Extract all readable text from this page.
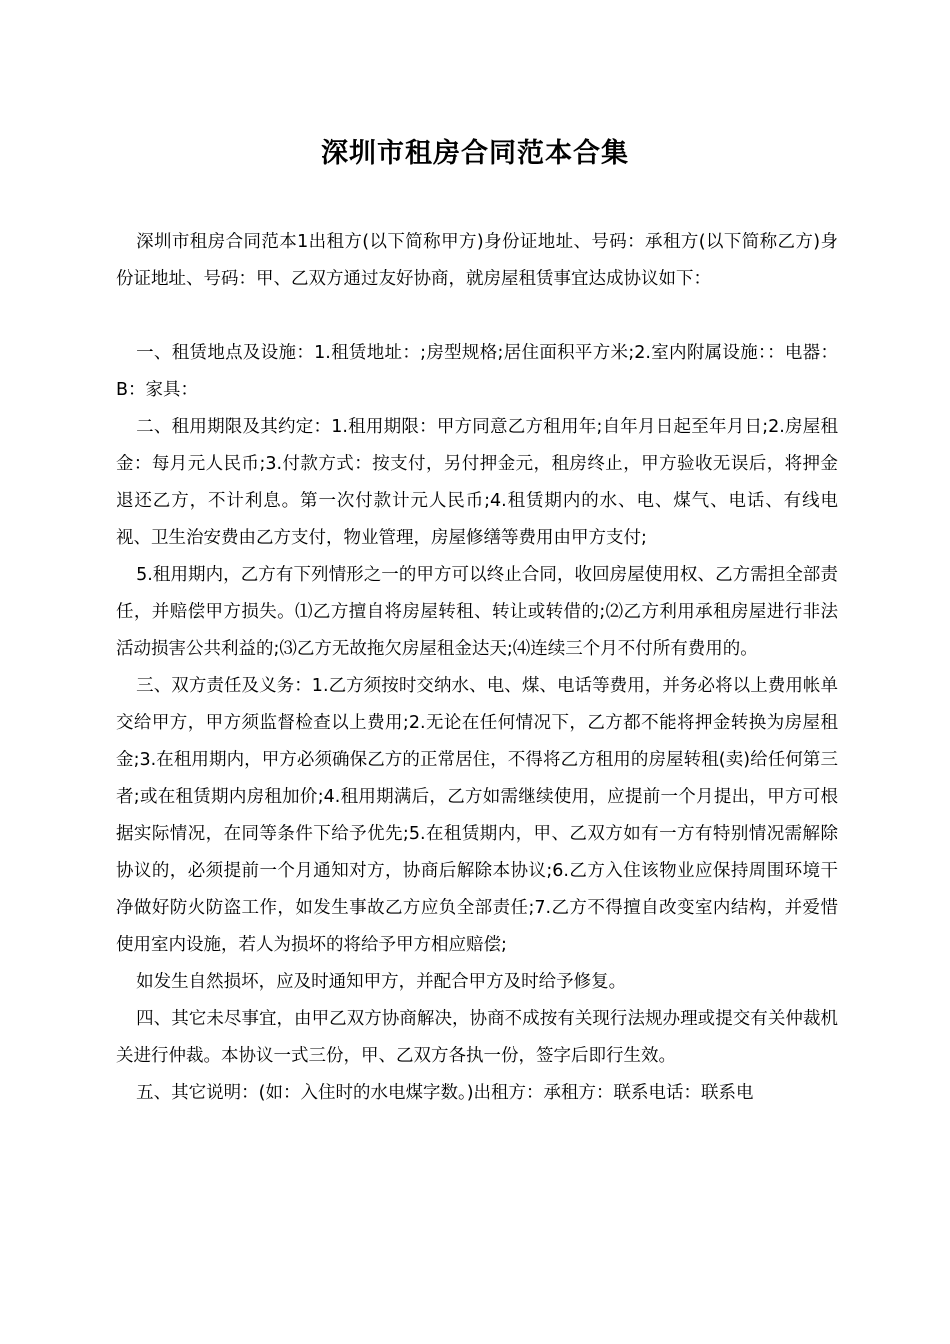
深圳市租房合同范本合集

深圳市租房合同范本1出租方(以下简称甲方)身份证地址、号码：承租方(以下简称乙方)身份证地址、号码：甲、乙双方通过友好协商，就房屋租赁事宜达成协议如下：

一、租赁地点及设施：1.租赁地址：;房型规格;居住面积平方米;2.室内附属设施：：电器：B：家具：

二、租用期限及其约定：1.租用期限：甲方同意乙方租用年;自年月日起至年月日;2.房屋租金：每月元人民币;3.付款方式：按支付，另付押金元，租房终止，甲方验收无误后，将押金退还乙方，不计利息。第一次付款计元人民币;4.租赁期内的水、电、煤气、电话、有线电视、卫生治安费由乙方支付，物业管理，房屋修缮等费用由甲方支付;

5.租用期内，乙方有下列情形之一的甲方可以终止合同，收回房屋使用权、乙方需担全部责任，并赔偿甲方损失。⑴乙方擅自将房屋转租、转让或转借的;⑵乙方利用承租房屋进行非法活动损害公共利益的;⑶乙方无故拖欠房屋租金达天;⑷连续三个月不付所有费用的。

三、双方责任及义务：1.乙方须按时交纳水、电、煤、电话等费用，并务必将以上费用帐单交给甲方，甲方须监督检查以上费用;2.无论在任何情况下，乙方都不能将押金转换为房屋租金;3.在租用期内，甲方必须确保乙方的正常居住，不得将乙方租用的房屋转租(卖)给任何第三者;或在租赁期内房租加价;4.租用期满后，乙方如需继续使用，应提前一个月提出，甲方可根据实际情况，在同等条件下给予优先;5.在租赁期内，甲、乙双方如有一方有特别情况需解除协议的，必须提前一个月通知对方，协商后解除本协议;6.乙方入住该物业应保持周围环境干净做好防火防盗工作，如发生事故乙方应负全部责任;7.乙方不得擅自改变室内结构，并爱惜使用室内设施，若人为损坏的将给予甲方相应赔偿;

如发生自然损坏，应及时通知甲方，并配合甲方及时给予修复。

四、其它未尽事宜，由甲乙双方协商解决，协商不成按有关现行法规办理或提交有关仲裁机关进行仲裁。本协议一式三份，甲、乙双方各执一份，签字后即行生效。

五、其它说明：(如：入住时的水电煤字数。)出租方：承租方：联系电话：联系电
